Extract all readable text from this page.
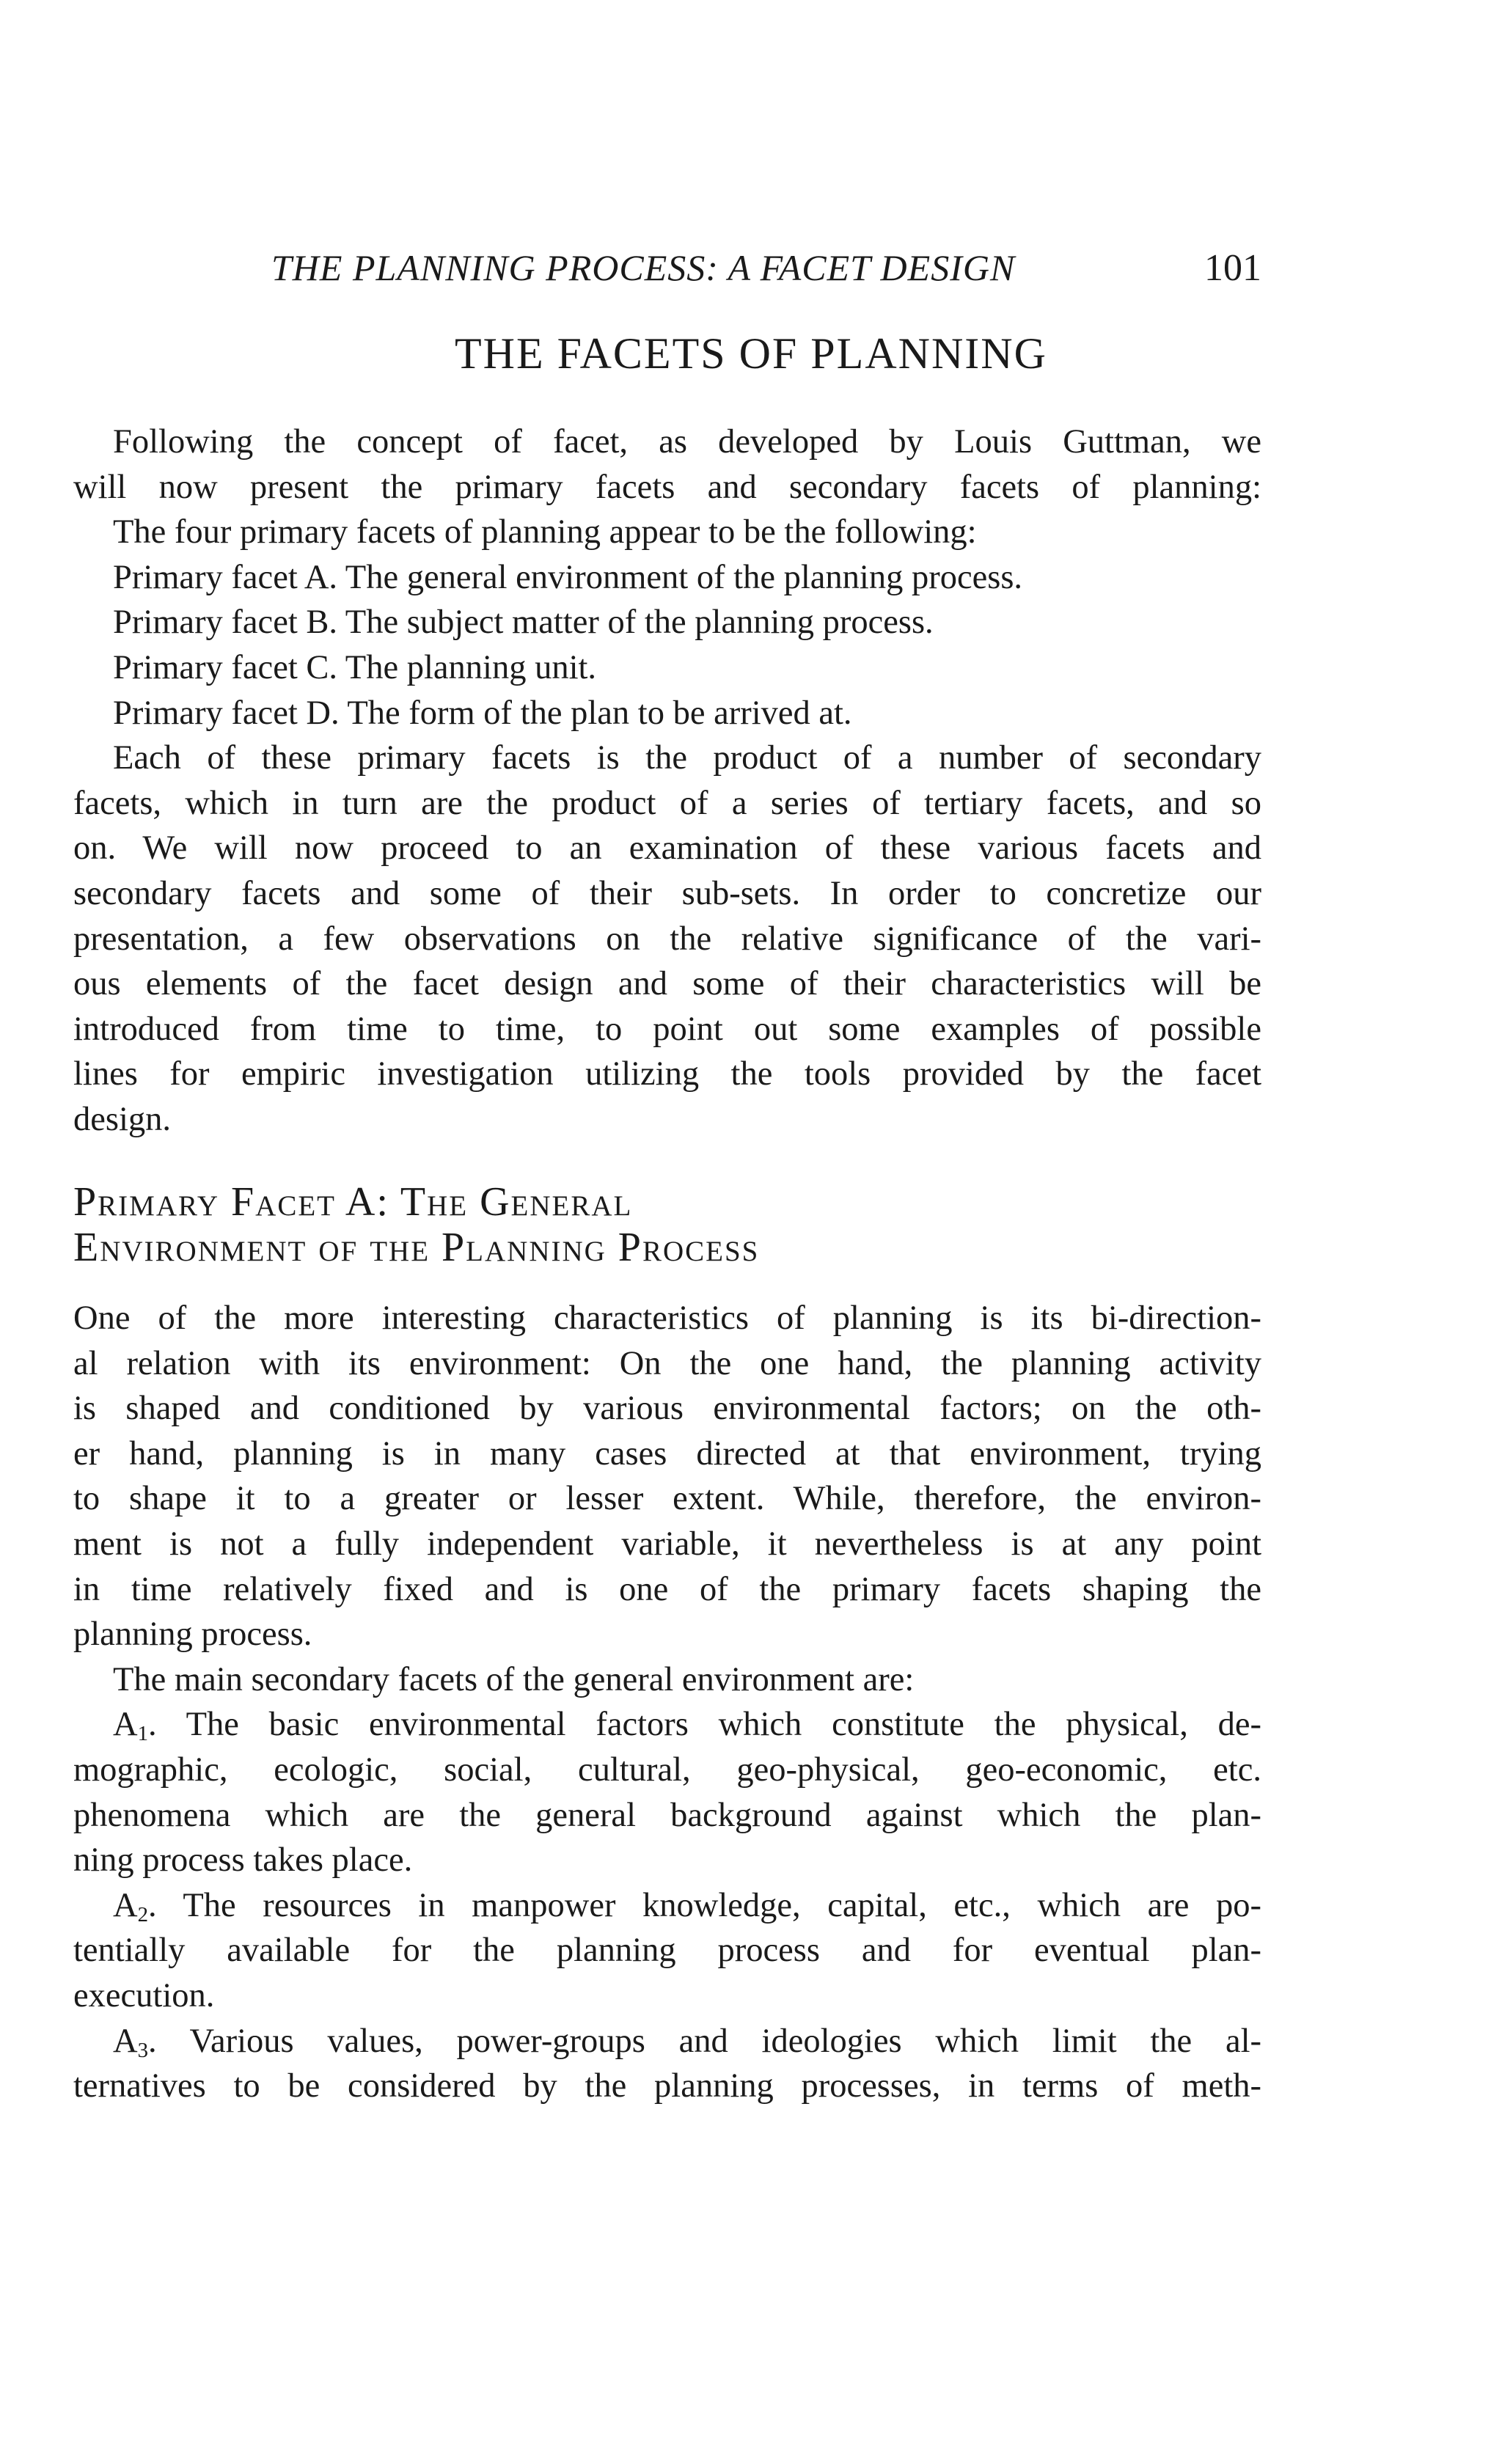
THE PLANNING PROCESS: A FACET DESIGN	101
THE FACETS OF PLANNING
Following the concept of facet, as developed by Louis Guttman, we
will now present the primary facets and secondary facets of planning:
The four primary facets of planning appear to be the following:
Primary facet A. The general environment of the planning process.
Primary facet B. The subject matter of the planning process.
Primary facet C. The planning unit.
Primary facet D. The form of the plan to be arrived at.
Each of these primary facets is the product of a number of secondary
facets, which in turn are the product of a series of tertiary facets, and so
on. We will now proceed to an examination of these various facets and
secondary facets and some of their sub-sets. In order to concretize our
presentation, a few observations on the relative significance of the vari-
ous elements of the facet design and some of their characteristics will be
introduced from time to time, to point out some examples of possible
lines for empiric investigation utilizing the tools provided by the facet
design.
Primary Facet A: The General
Environment of the Planning Process
One of the more interesting characteristics of planning is its bi-direction-
al relation with its environment: On the one hand, the planning activity
is shaped and conditioned by various environmental factors; on the oth-
er hand, planning is in many cases directed at that environment, trying
to shape it to a greater or lesser extent. While, therefore, the environ-
ment is not a fully independent variable, it nevertheless is at any point
in time relatively fixed and is one of the primary facets shaping the
planning process.
The main secondary facets of the general environment are:
$A_1$. The basic environmental factors which constitute the physical, de-
mographic, ecologic, social, cultural, geo-physical, geo-economic, etc.
phenomena which are the general background against which the plan-
ning process takes place.
$A_2$. The resources in manpower knowledge, capital, etc., which are po-
tentially available for the planning process and for eventual plan-
execution.
$A_3$. Various values, power-groups and ideologies which limit the al-
ternatives to be considered by the planning processes, in terms of meth-
